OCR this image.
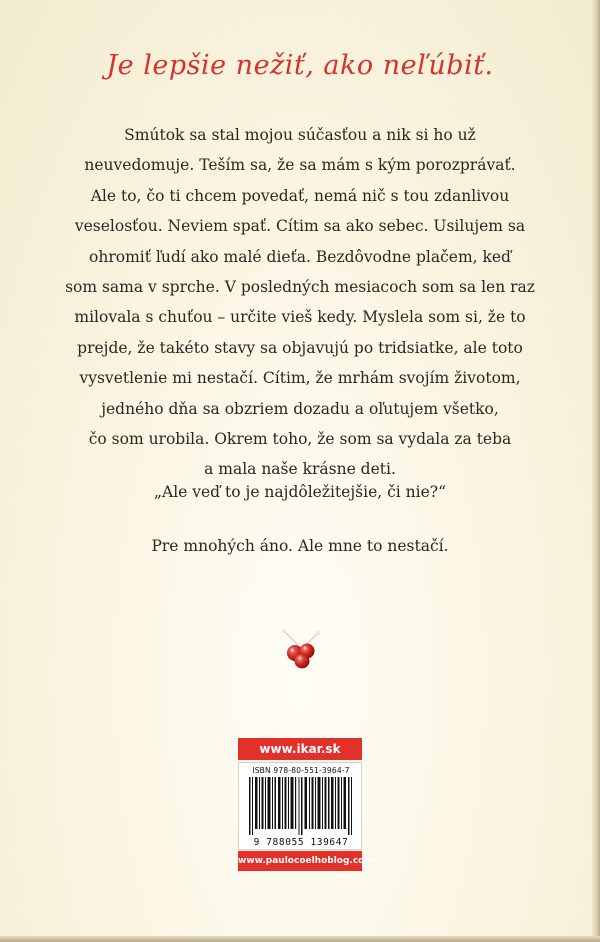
Je lepšie nežiť, ako neľúbiť.
Smútok sa stal mojou súčasťou a nik si ho už
neuvedomuje. Teším sa, že sa mám s kým porozprávať.
Ale to, čo ti chcem povedať, nemá nič s tou zdanlivou
veselosťou. Neviem spať. Cítim sa ako sebec. Usilujem sa
ohromiť ľudí ako malé dieťa. Bezdôvodne plačem, keď
som sama v sprche. V posledných mesiacoch som sa len raz
milovala s chuťou – určite vieš kedy. Myslela som si, že to
prejde, že takéto stavy sa objavujú po tridsiatke, ale toto
vysvetlenie mi nestačí. Cítim, že mrhám svojím životom,
jedného dňa sa obzriem dozadu a oľutujem všetko,
čo som urobila. Okrem toho, že som sa vydala za teba
a mala naše krásne deti.
„Ale veď to je najdôležitejšie, či nie?“
Pre mnohých áno. Ale mne to nestačí.
www.ikar.sk
ISBN 978-80-551-3964-7
9 788055 139647
www.paulocoelhoblog.com
